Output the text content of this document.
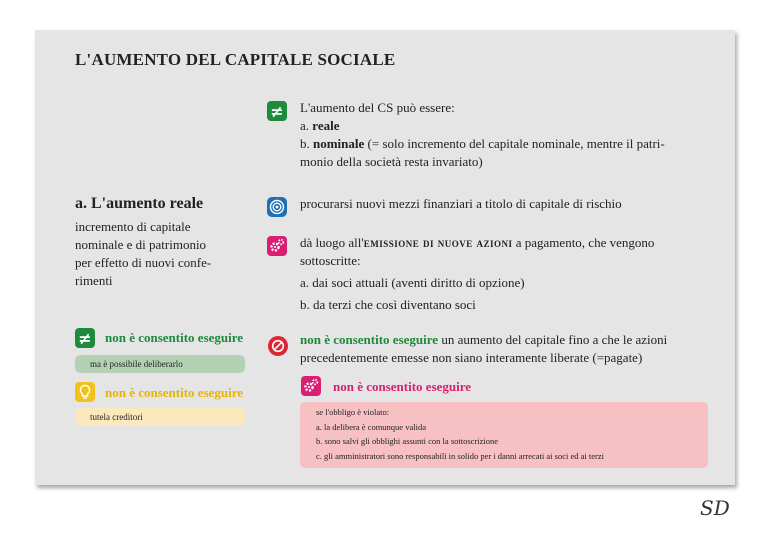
L'AUMENTO DEL CAPITALE SOCIALE
≠ L'aumento del CS può essere:
a. reale
b. nominale (= solo incremento del capitale nominale, mentre il patri-
monio della società resta invariato)
a. L'aumento reale
incremento di capitale
nominale e di patrimonio
per effetto di nuovi confe-
rimenti
procurarsi nuovi mezzi finanziari a titolo di capitale di rischio
dà luogo all'emissione di nuove azioni a pagamento, che vengono
sottoscritte:
a. dai soci attuali (aventi diritto di opzione)
b. da terzi che così diventano soci
≠ non è consentito eseguire
ma è possibile deliberarlo
non è consentito eseguire
tutela creditori
non è consentito eseguire un aumento del capitale fino a che le azioni
precedentemente emesse non siano interamente liberate (=pagate)
non è consentito eseguire
se l'obbligo è violato:
a. la delibera è comunque valida
b. sono salvi gli obblighi assunti con la sottoscrizione
c. gli amministratori sono responsabili in solido per i danni arrecati ai soci ed ai terzi
SD
